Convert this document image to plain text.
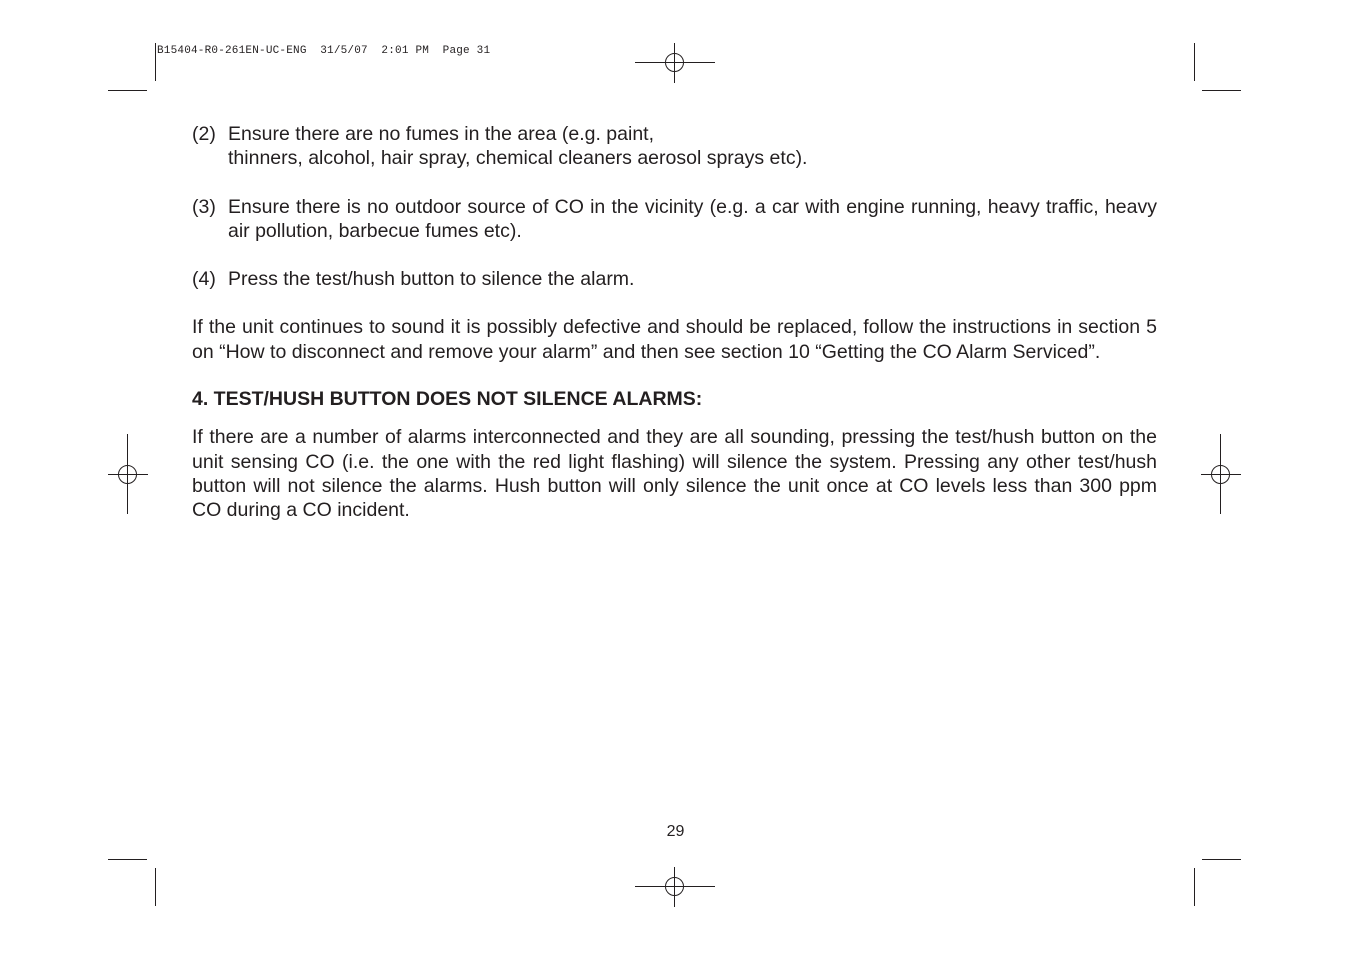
B15404-R0-261EN-UC-ENG  31/5/07  2:01 PM  Page 31
(2) Ensure there are no fumes in the area (e.g. paint,
thinners, alcohol, hair spray, chemical cleaners aerosol sprays etc).
(3) Ensure there is no outdoor source of CO in the vicinity (e.g. a car with engine running, heavy traffic, heavy air pollution, barbecue fumes etc).
(4) Press the test/hush button to silence the alarm.

If the unit continues to sound it is possibly defective and should be replaced, follow the instructions in section 5 on “How to disconnect and remove your alarm” and then see section 10 “Getting the CO Alarm Serviced”.

4. TEST/HUSH BUTTON DOES NOT SILENCE ALARMS:

If there are a number of alarms interconnected and they are all sounding, pressing the test/hush button on the unit sensing CO (i.e. the one with the red light flashing) will silence the system. Pressing any other test/hush button will not silence the alarms. Hush button will only silence the unit once at CO levels less than 300 ppm CO during a CO incident.

29
